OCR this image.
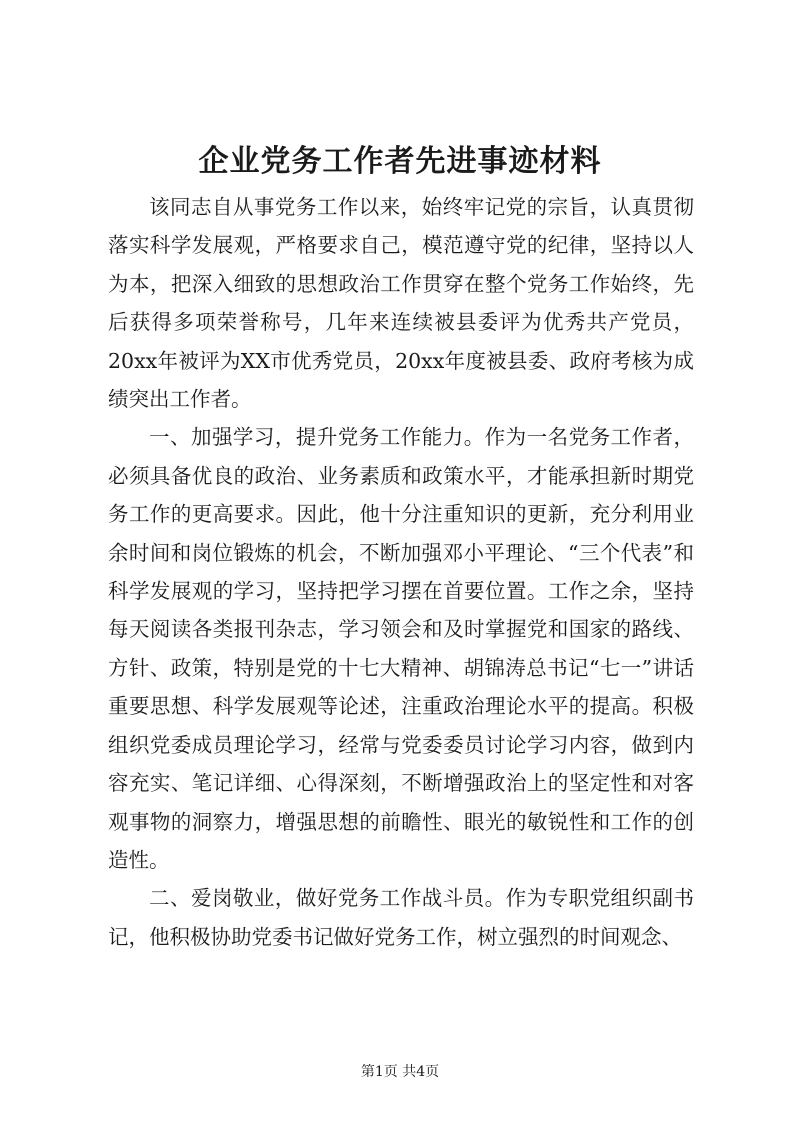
企业党务工作者先进事迹材料

该同志自从事党务工作以来，始终牢记党的宗旨，认真贯彻落实科学发展观，严格要求自己，模范遵守党的纪律，坚持以人为本，把深入细致的思想政治工作贯穿在整个党务工作始终，先后获得多项荣誉称号，几年来连续被县委评为优秀共产党员，20xx年被评为XX市优秀党员，20xx年度被县委、政府考核为成绩突出工作者。

一、加强学习，提升党务工作能力。作为一名党务工作者，必须具备优良的政治、业务素质和政策水平，才能承担新时期党务工作的更高要求。因此，他十分注重知识的更新，充分利用业余时间和岗位锻炼的机会，不断加强邓小平理论、“三个代表”和科学发展观的学习，坚持把学习摆在首要位置。工作之余，坚持每天阅读各类报刊杂志，学习领会和及时掌握党和国家的路线、方针、政策，特别是党的十七大精神、胡锦涛总书记“七一”讲话重要思想、科学发展观等论述，注重政治理论水平的提高。积极组织党委成员理论学习，经常与党委委员讨论学习内容，做到内容充实、笔记详细、心得深刻，不断增强政治上的坚定性和对客观事物的洞察力，增强思想的前瞻性、眼光的敏锐性和工作的创造性。

二、爱岗敬业，做好党务工作战斗员。作为专职党组织副书记，他积极协助党委书记做好党务工作，树立强烈的时间观念、

第1页 共4页
